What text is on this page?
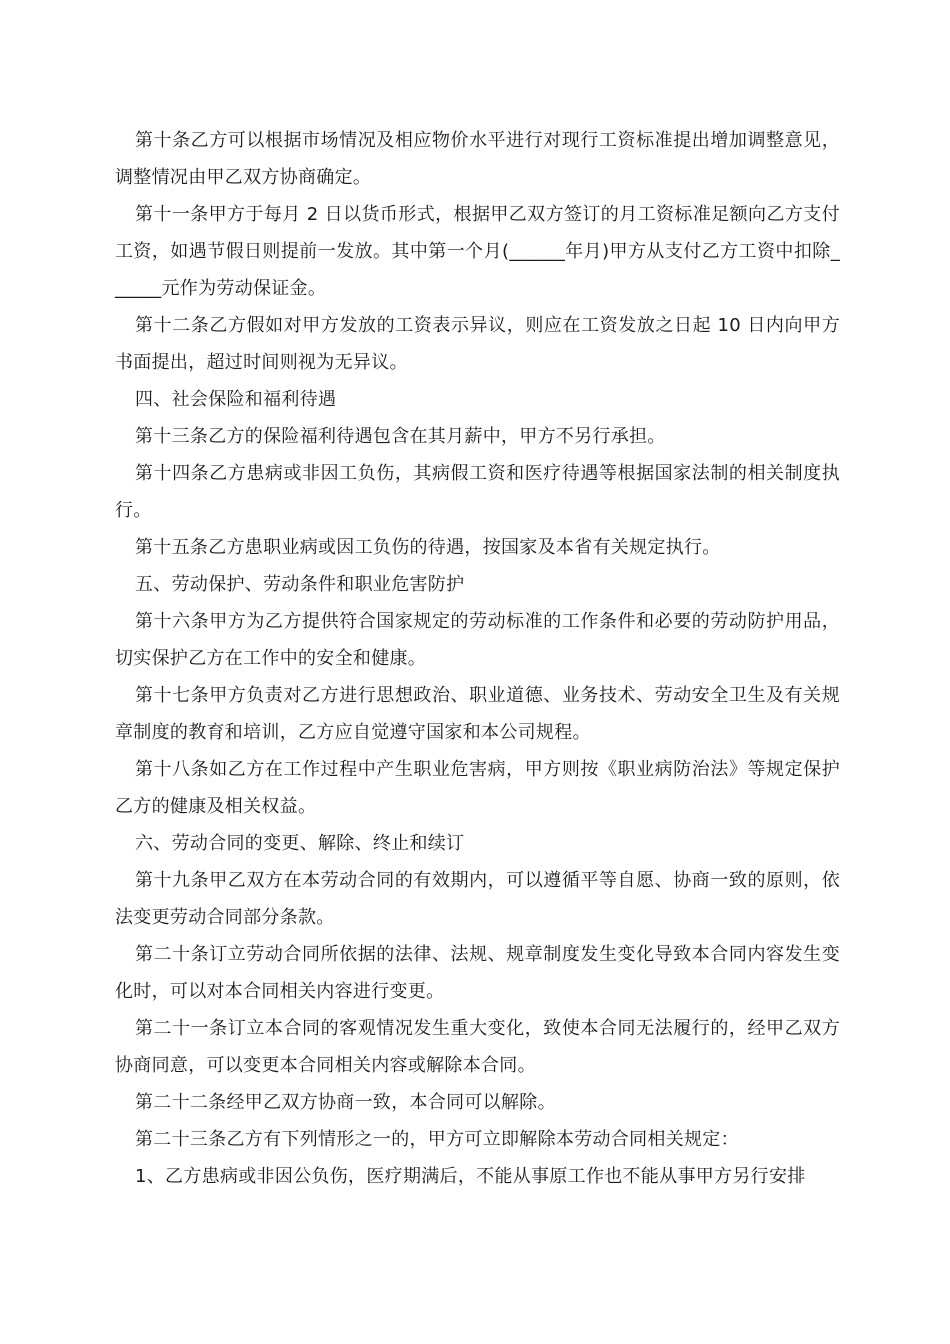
第十条乙方可以根据市场情况及相应物价水平进行对现行工资标准提出增加调整意见，调整情况由甲乙双方协商确定。

第十一条甲方于每月 2 日以货币形式，根据甲乙双方签订的月工资标准足额向乙方支付工资，如遇节假日则提前一发放。其中第一个月(______年月)甲方从支付乙方工资中扣除______元作为劳动保证金。

第十二条乙方假如对甲方发放的工资表示异议，则应在工资发放之日起 10 日内向甲方书面提出，超过时间则视为无异议。

四、社会保险和福利待遇

第十三条乙方的保险福利待遇包含在其月薪中，甲方不另行承担。

第十四条乙方患病或非因工负伤，其病假工资和医疗待遇等根据国家法制的相关制度执行。

第十五条乙方患职业病或因工负伤的待遇，按国家及本省有关规定执行。

五、劳动保护、劳动条件和职业危害防护

第十六条甲方为乙方提供符合国家规定的劳动标准的工作条件和必要的劳动防护用品，切实保护乙方在工作中的安全和健康。

第十七条甲方负责对乙方进行思想政治、职业道德、业务技术、劳动安全卫生及有关规章制度的教育和培训，乙方应自觉遵守国家和本公司规程。

第十八条如乙方在工作过程中产生职业危害病，甲方则按《职业病防治法》等规定保护乙方的健康及相关权益。

六、劳动合同的变更、解除、终止和续订

第十九条甲乙双方在本劳动合同的有效期内，可以遵循平等自愿、协商一致的原则，依法变更劳动合同部分条款。

第二十条订立劳动合同所依据的法律、法规、规章制度发生变化导致本合同内容发生变化时，可以对本合同相关内容进行变更。

第二十一条订立本合同的客观情况发生重大变化，致使本合同无法履行的，经甲乙双方协商同意，可以变更本合同相关内容或解除本合同。

第二十二条经甲乙双方协商一致，本合同可以解除。

第二十三条乙方有下列情形之一的，甲方可立即解除本劳动合同相关规定：

1、乙方患病或非因公负伤，医疗期满后，不能从事原工作也不能从事甲方另行安排
